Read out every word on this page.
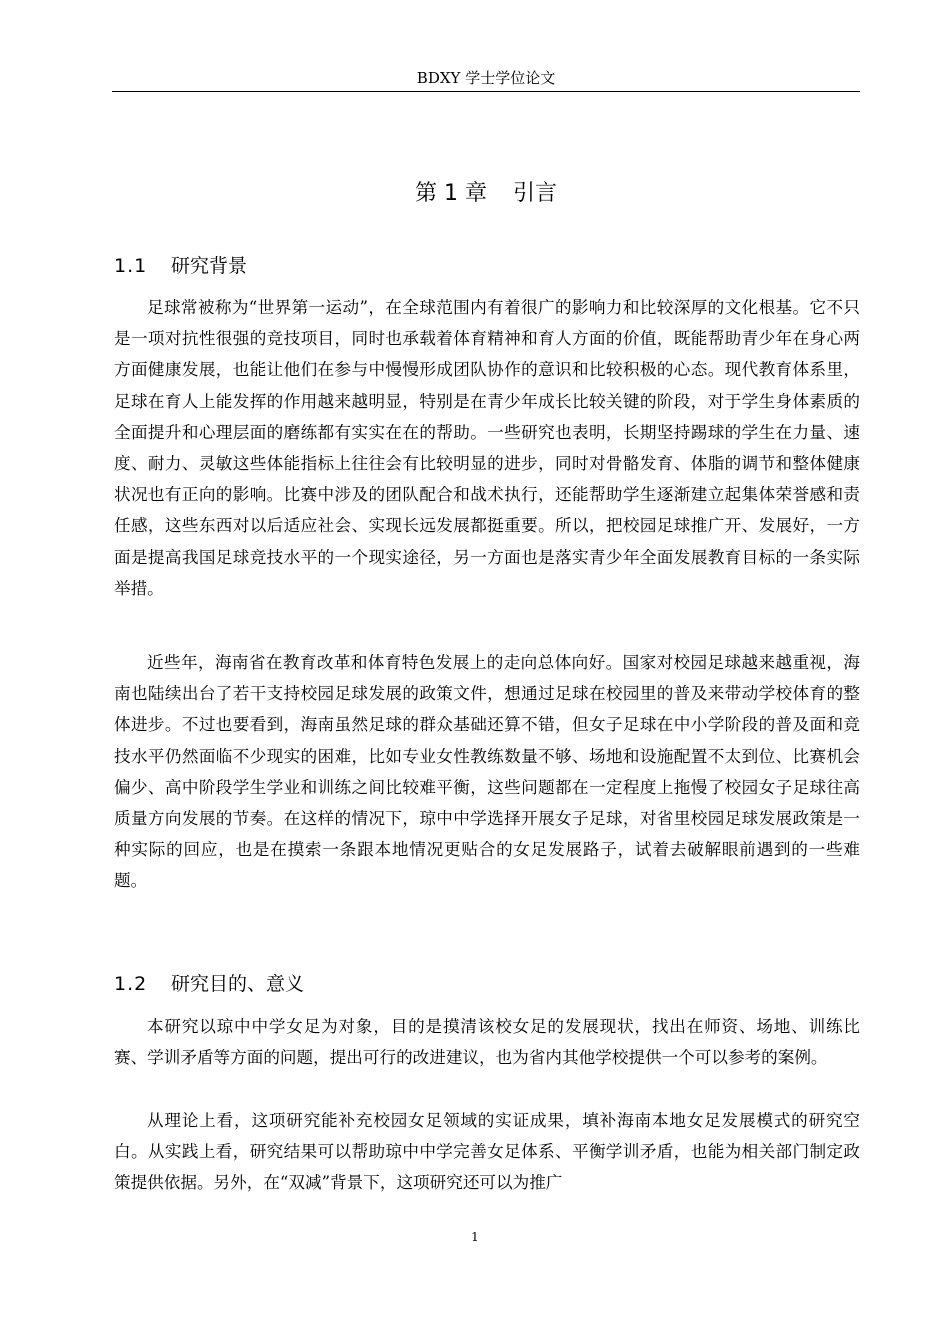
BDXY 学士学位论文
第 1 章 引言
1.1 研究背景

足球常被称为“世界第一运动”，在全球范围内有着很广的影响力和比较深厚的文化根基。它不只是一项对抗性很强的竞技项目，同时也承载着体育精神和育人方面的价值，既能帮助青少年在身心两方面健康发展，也能让他们在参与中慢慢形成团队协作的意识和比较积极的心态。现代教育体系里，足球在育人上能发挥的作用越来越明显，特别是在青少年成长比较关键的阶段，对于学生身体素质的全面提升和心理层面的磨练都有实实在在的帮助。一些研究也表明，长期坚持踢球的学生在力量、速度、耐力、灵敏这些体能指标上往往会有比较明显的进步，同时对骨骼发育、体脂的调节和整体健康状况也有正向的影响。比赛中涉及的团队配合和战术执行，还能帮助学生逐渐建立起集体荣誉感和责任感，这些东西对以后适应社会、实现长远发展都挺重要。所以，把校园足球推广开、发展好，一方面是提高我国足球竞技水平的一个现实途径，另一方面也是落实青少年全面发展教育目标的一条实际举措。

近些年，海南省在教育改革和体育特色发展上的走向总体向好。国家对校园足球越来越重视，海南也陆续出台了若干支持校园足球发展的政策文件，想通过足球在校园里的普及来带动学校体育的整体进步。不过也要看到，海南虽然足球的群众基础还算不错，但女子足球在中小学阶段的普及面和竞技水平仍然面临不少现实的困难，比如专业女性教练数量不够、场地和设施配置不太到位、比赛机会偏少、高中阶段学生学业和训练之间比较难平衡，这些问题都在一定程度上拖慢了校园女子足球往高质量方向发展的节奏。在这样的情况下，琼中中学选择开展女子足球，对省里校园足球发展政策是一种实际的回应，也是在摸索一条跟本地情况更贴合的女足发展路子，试着去破解眼前遇到的一些难题。

1.2 研究目的、意义

本研究以琼中中学女足为对象，目的是摸清该校女足的发展现状，找出在师资、场地、训练比赛、学训矛盾等方面的问题，提出可行的改进建议，也为省内其他学校提供一个可以参考的案例。

从理论上看，这项研究能补充校园女足领域的实证成果，填补海南本地女足发展模式的研究空白。从实践上看，研究结果可以帮助琼中中学完善女足体系、平衡学训矛盾，也能为相关部门制定政策提供依据。另外，在“双减”背景下，这项研究还可以为推广

1
